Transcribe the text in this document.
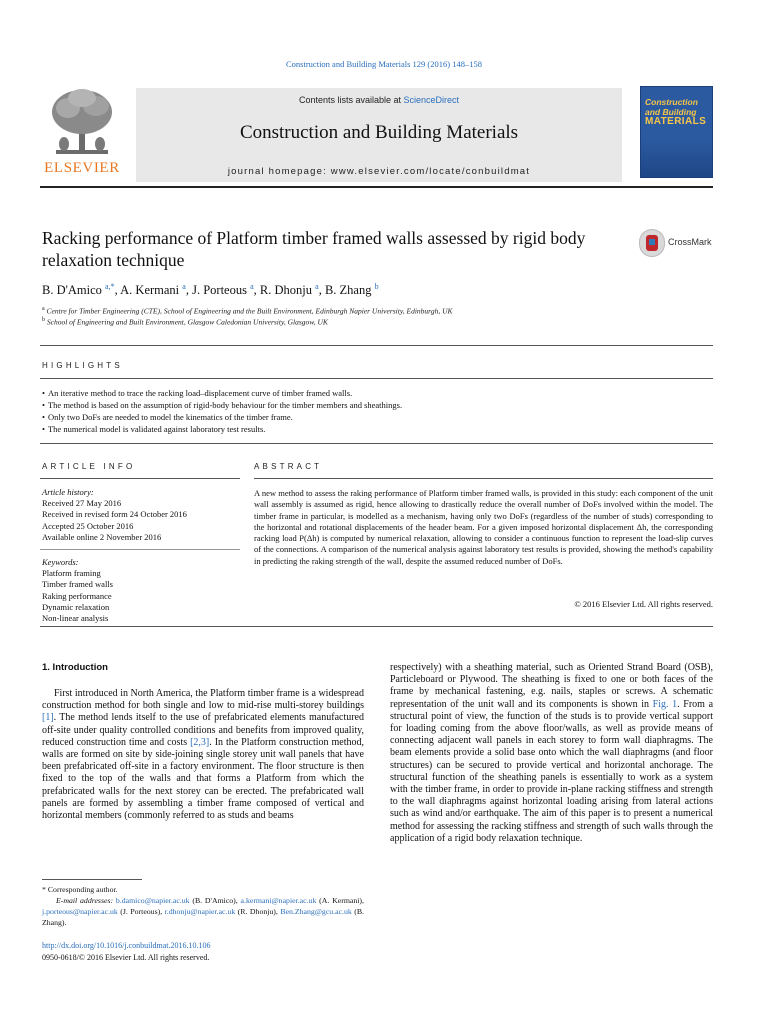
Construction and Building Materials 129 (2016) 148–158
ELSEVIER
Contents lists available at ScienceDirect
Construction and Building Materials
journal homepage: www.elsevier.com/locate/conbuildmat
Construction
and Building
MATERIALS
Racking performance of Platform timber framed walls assessed by rigid body relaxation technique
CrossMark
B. D'Amico $^{a,*}$, A. Kermani $^a$, J. Porteous $^a$, R. Dhonju $^a$, B. Zhang $^b$
$^a$ Centre for Timber Engineering (CTE), School of Engineering and the Built Environment, Edinburgh Napier University, Edinburgh, UK
$^b$ School of Engineering and Built Environment, Glasgow Caledonian University, Glasgow, UK
HIGHLIGHTS
• An iterative method to trace the racking load–displacement curve of timber framed walls.
• The method is based on the assumption of rigid-body behaviour for the timber members and sheathings.
• Only two DoFs are needed to model the kinematics of the timber frame.
• The numerical model is validated against laboratory test results.
ARTICLE INFO
Article history:
Received 27 May 2016
Received in revised form 24 October 2016
Accepted 25 October 2016
Available online 2 November 2016
Keywords:
Platform framing
Timber framed walls
Raking performance
Dynamic relaxation
Non-linear analysis
ABSTRACT
A new method to assess the raking performance of Platform timber framed walls, is provided in this study: each component of the unit wall assembly is assumed as rigid, hence allowing to drastically reduce the overall number of DoFs involved within the model. The timber frame in particular, is modelled as a mechanism, having only two DoFs (regardless of the number of studs) corresponding to the horizontal and rotational displacements of the header beam. For a given imposed horizontal displacement Δh, the corresponding racking load P(Δh) is computed by numerical relaxation, allowing to consider a continuous function to represent the load-slip curves of the connections. A comparison of the numerical analysis against laboratory test results is provided, showing the method's capability in predicting the raking strength of the wall, despite the assumed reduced number of DoFs.
© 2016 Elsevier Ltd. All rights reserved.
1. Introduction
First introduced in North America, the Platform timber frame is a widespread construction method for both single and low to mid-rise multi-storey buildings [1]. The method lends itself to the use of prefabricated elements manufactured off-site under quality controlled conditions and benefits from improved quality, reduced construction time and costs [2,3]. In the Platform construction method, walls are formed on site by side-joining single storey unit wall panels that have been prefabricated off-site in a factory environment. The floor structure is then fixed to the top of the walls and that forms a Platform from which the prefabricated walls for the next storey can be erected. The prefabricated wall panels are formed by assembling a timber frame composed of vertical and horizontal members (commonly referred to as studs and beams
respectively) with a sheathing material, such as Oriented Strand Board (OSB), Particleboard or Plywood. The sheathing is fixed to one or both faces of the frame by mechanical fastening, e.g. nails, staples or screws. A schematic representation of the unit wall and its components is shown in Fig. 1. From a structural point of view, the function of the studs is to provide vertical support for loading coming from the above floor/walls, as well as provide means of connecting adjacent wall panels in each storey to form wall diaphragms. The beam elements provide a solid base onto which the wall diaphragms (and floor structures) can be secured to provide vertical and horizontal anchorage. The structural function of the sheathing panels is essentially to work as a system with the timber frame, in order to provide in-plane racking stiffness and strength to the wall diaphragms against horizontal loading arising from lateral actions such as wind and/or earthquake. The aim of this paper is to present a numerical method for assessing the racking stiffness and strength of such walls through the application of a rigid body relaxation technique.
* Corresponding author.
E-mail addresses: b.damico@napier.ac.uk (B. D'Amico), a.kermani@napier.ac.uk (A. Kermani), j.porteous@napier.ac.uk (J. Porteous), r.dhonju@napier.ac.uk (R. Dhonju), Ben.Zhang@gcu.ac.uk (B. Zhang).
http://dx.doi.org/10.1016/j.conbuildmat.2016.10.106
0950-0618/© 2016 Elsevier Ltd. All rights reserved.
